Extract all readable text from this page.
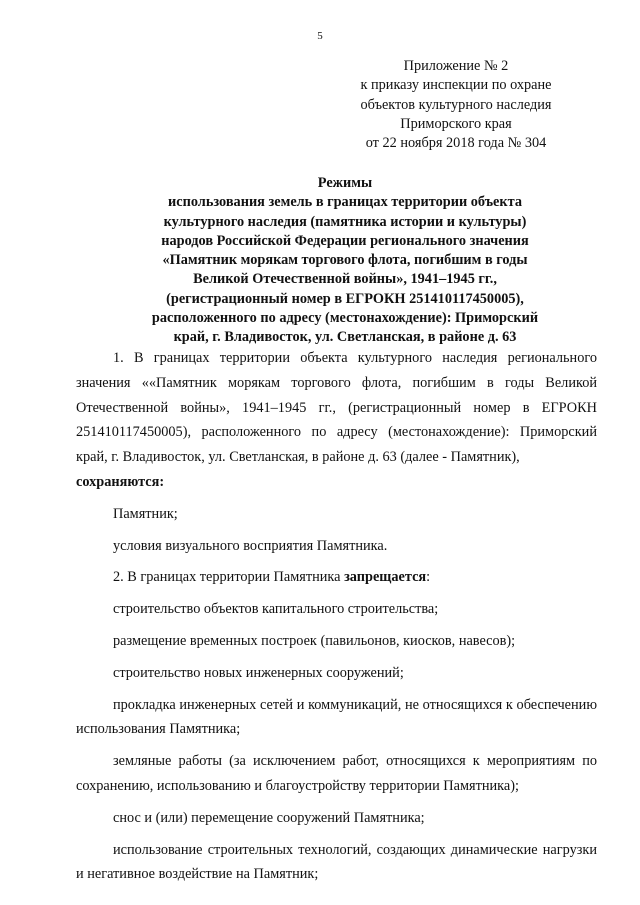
5
Приложение № 2
к приказу инспекции по охране
объектов культурного наследия
Приморского края
от 22 ноября 2018 года № 304
Режимы
использования земель в границах территории объекта
культурного наследия (памятника истории и культуры)
народов Российской Федерации регионального значения
«Памятник морякам торгового флота, погибшим в годы
Великой Отечественной войны», 1941–1945 гг.,
(регистрационный номер в ЕГРОКН 251410117450005),
расположенного по адресу (местонахождение): Приморский
край, г. Владивосток, ул. Светланская, в районе д. 63

1. В границах территории объекта культурного наследия регионального значения ««Памятник морякам торгового флота, погибшим в годы Великой Отечественной войны», 1941–1945 гг., (регистрационный номер в ЕГРОКН 251410117450005), расположенного по адресу (местонахождение): Приморский край, г. Владивосток, ул. Светланская, в районе д. 63 (далее - Памятник),
сохраняются:

Памятник;

условия визуального восприятия Памятника.

2. В границах территории Памятника запрещается:

строительство объектов капитального строительства;

размещение временных построек (павильонов, киосков, навесов);

строительство новых инженерных сооружений;

прокладка инженерных сетей и коммуникаций, не относящихся к обеспечению использования Памятника;

земляные работы (за исключением работ, относящихся к мероприятиям по сохранению, использованию и благоустройству территории Памятника);

снос и (или) перемещение сооружений Памятника;

использование строительных технологий, создающих динамические нагрузки и негативное воздействие на Памятник;
